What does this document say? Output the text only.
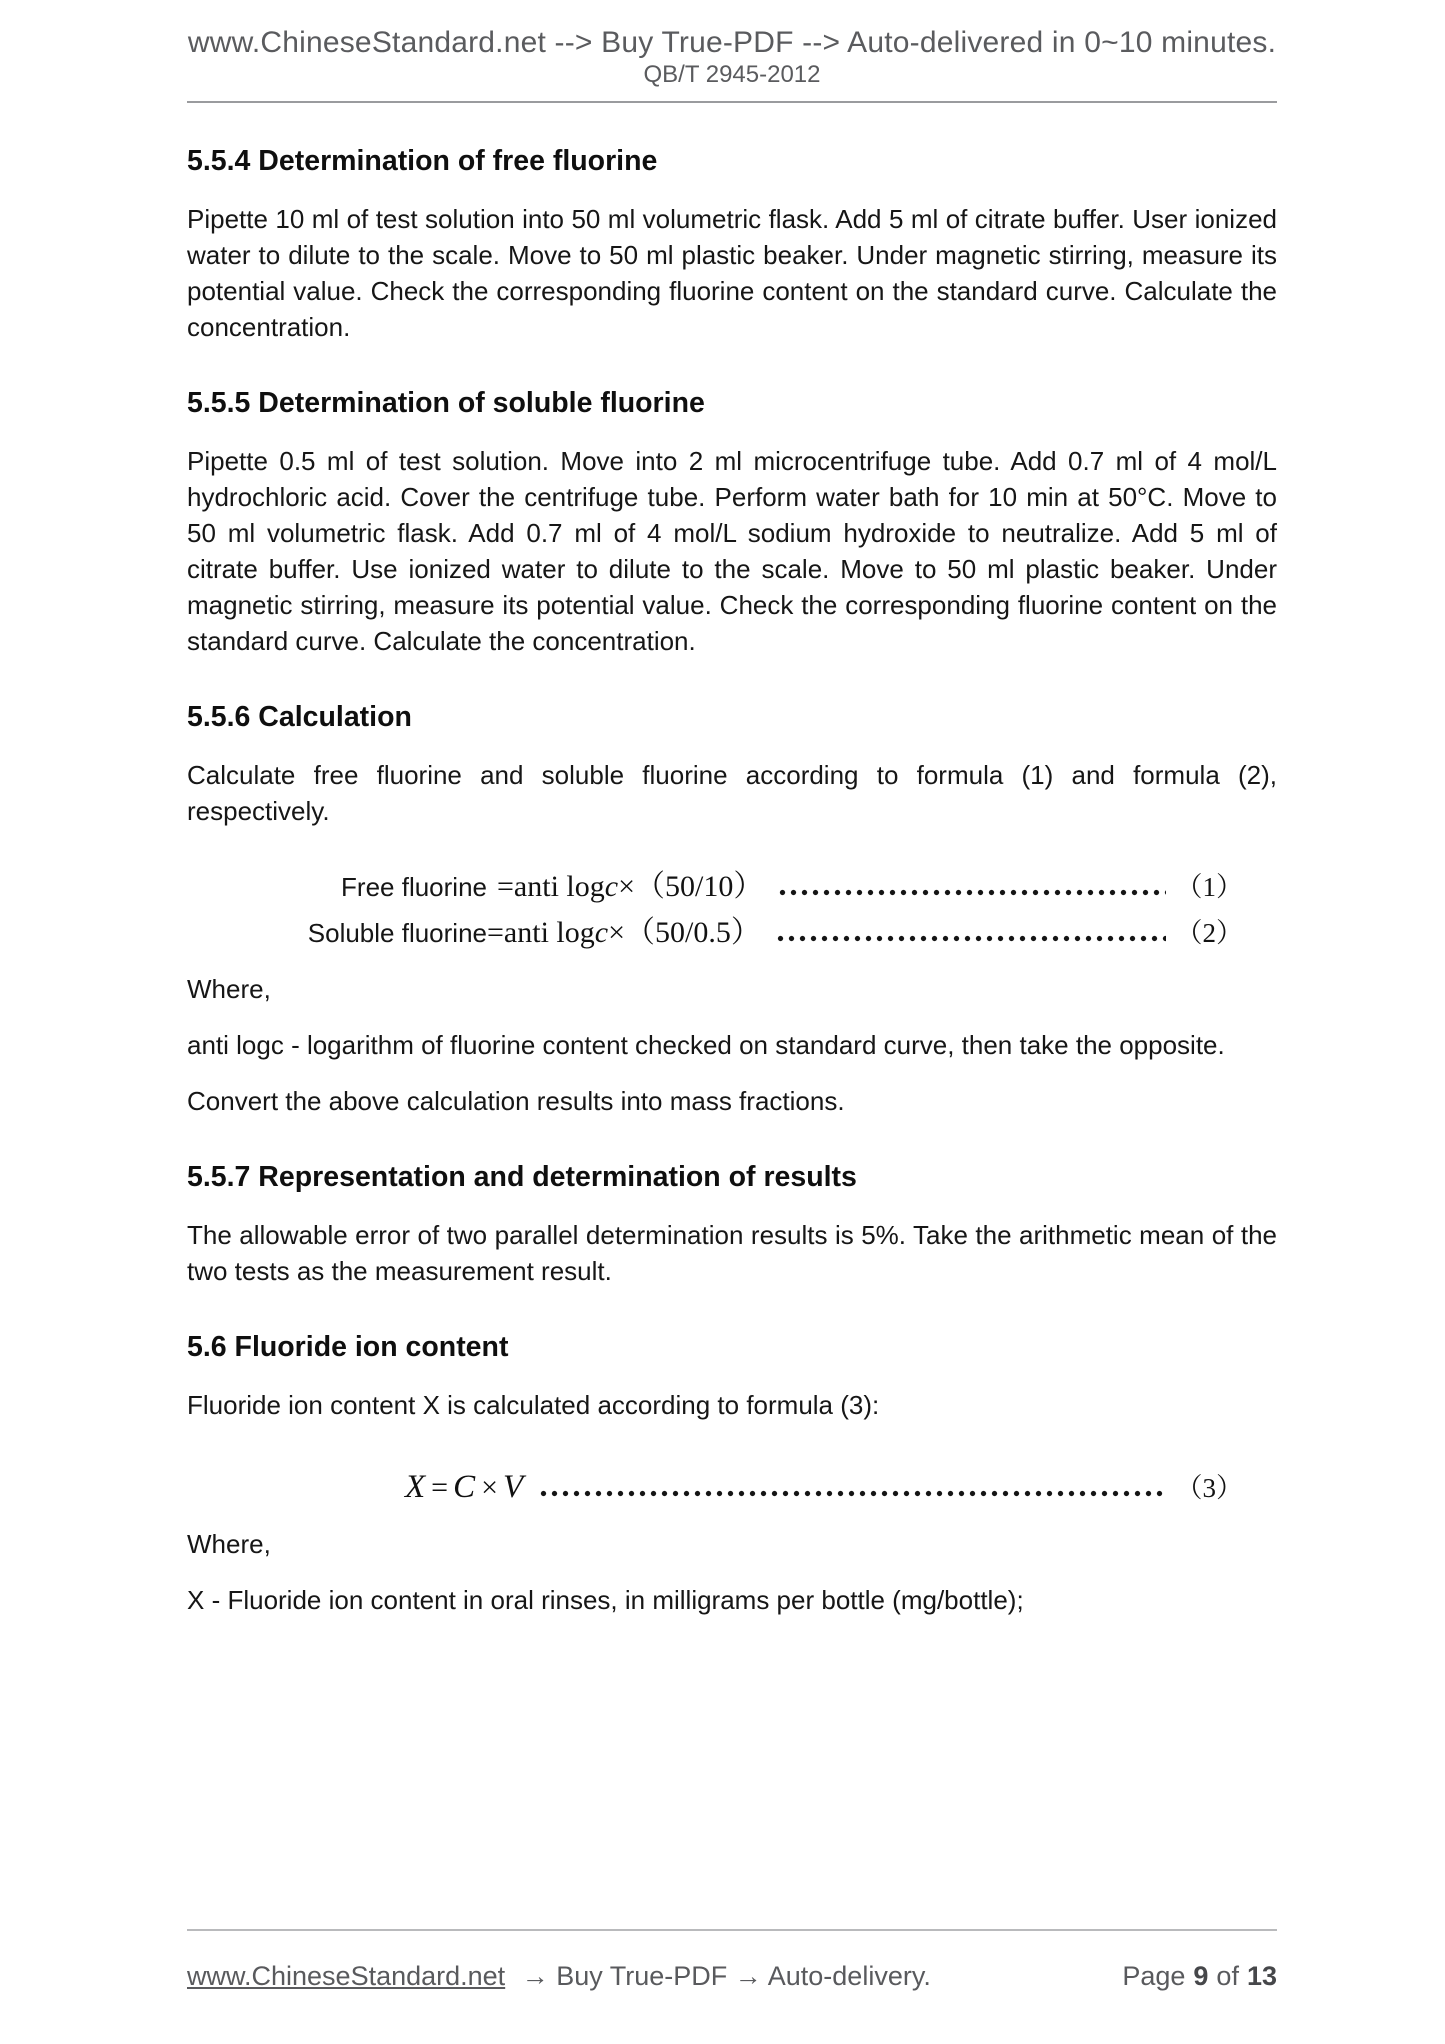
www.ChineseStandard.net --> Buy True-PDF --> Auto-delivered in 0~10 minutes.
QB/T 2945-2012
5.5.4 Determination of free fluorine

Pipette 10 ml of test solution into 50 ml volumetric flask. Add 5 ml of citrate buffer. User ionized water to dilute to the scale. Move to 50 ml plastic beaker. Under magnetic stirring, measure its potential value. Check the corresponding fluorine content on the standard curve. Calculate the concentration.

5.5.5 Determination of soluble fluorine

Pipette 0.5 ml of test solution. Move into 2 ml microcentrifuge tube. Add 0.7 ml of 4 mol/L hydrochloric acid. Cover the centrifuge tube. Perform water bath for 10 min at 50°C. Move to 50 ml volumetric flask. Add 0.7 ml of 4 mol/L sodium hydroxide to neutralize. Add 5 ml of citrate buffer. Use ionized water to dilute to the scale. Move to 50 ml plastic beaker. Under magnetic stirring, measure its potential value. Check the corresponding fluorine content on the standard curve. Calculate the concentration.

5.5.6 Calculation

Calculate free fluorine and soluble fluorine according to formula (1) and formula (2), respectively.

Free fluorine =anti logc×（50/10）	（1）
Soluble fluorine =anti logc×（50/0.5）	（2）

Where,

anti logc - logarithm of fluorine content checked on standard curve, then take the opposite.

Convert the above calculation results into mass fractions.

5.5.7 Representation and determination of results

The allowable error of two parallel determination results is 5%. Take the arithmetic mean of the two tests as the measurement result.

5.6 Fluoride ion content

Fluoride ion content X is calculated according to formula (3):

X = C × V	（3）

Where,

X - Fluoride ion content in oral rinses, in milligrams per bottle (mg/bottle);

www.ChineseStandard.net → Buy True-PDF → Auto-delivery.	Page 9 of 13
